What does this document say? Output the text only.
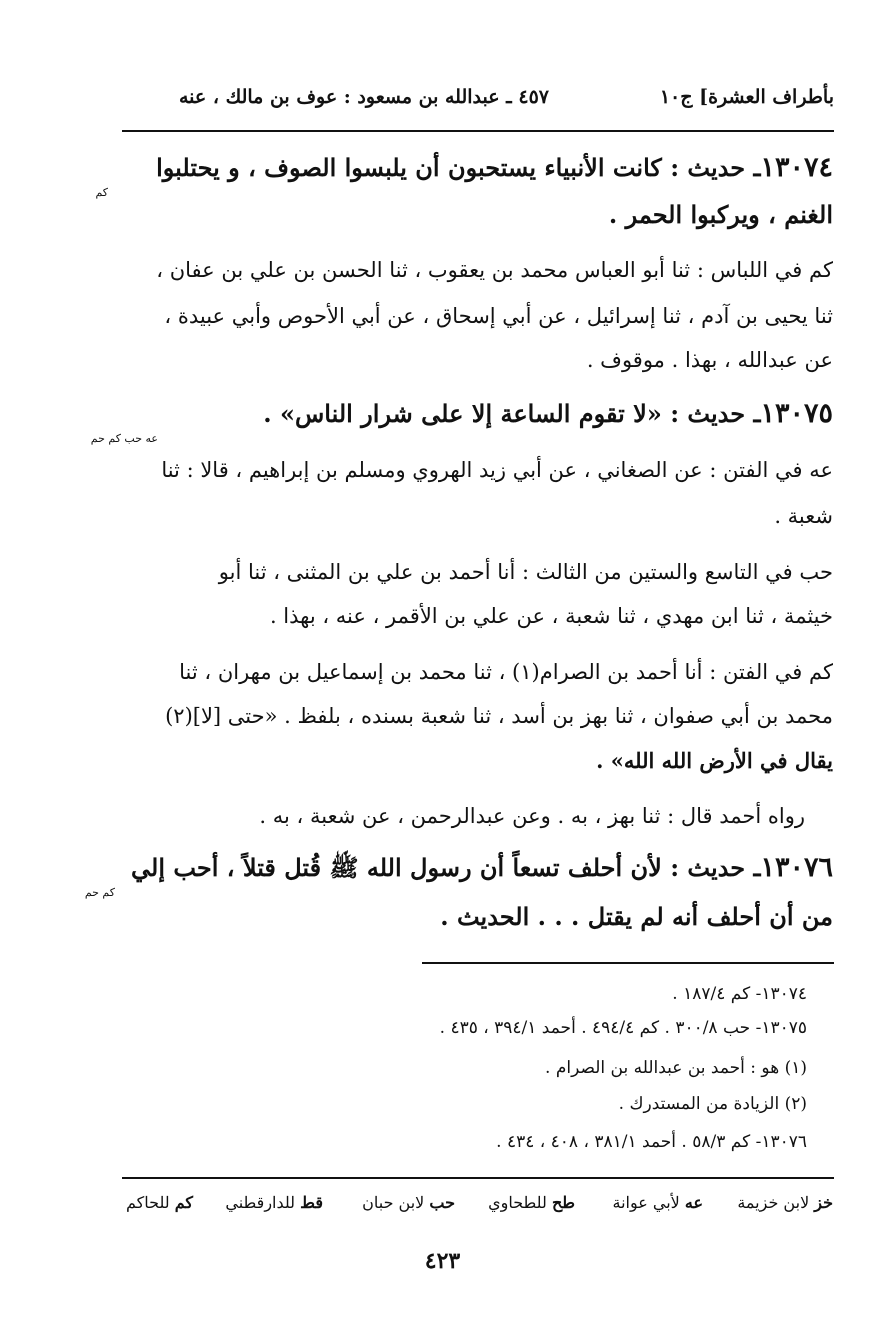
بأطراف العشرة] ج١٠
٤٥٧ ـ عبدالله بن مسعود : عوف بن مالك ، عنه
١٣٠٧٤ـ حديث : كانت الأنبياء يستحبون أن يلبسوا الصوف ، و يحتلبوا
كم
الغنم ، ويركبوا الحمر .
كم في اللباس : ثنا أبو العباس محمد بن يعقوب ، ثنا الحسن بن علي بن عفان ،
ثنا يحيى بن آدم ، ثنا إسرائيل ، عن أبي إسحاق ، عن أبي الأحوص وأبي عبيدة ،
عن عبدالله ، بهذا . موقوف .
١٣٠٧٥ـ حديث : «لا تقوم الساعة إلا على شرار الناس» .
عه حب كم حم
عه في الفتن : عن الصغاني ، عن أبي زيد الهروي ومسلم بن إبراهيم ، قالا : ثنا
شعبة .
حب في التاسع والستين من الثالث : أنا أحمد بن علي بن المثنى ، ثنا أبو
خيثمة ، ثنا ابن مهدي ، ثنا شعبة ، عن علي بن الأقمر ، عنه ، بهذا .
كم في الفتن : أنا أحمد بن الصرام(١) ، ثنا محمد بن إسماعيل بن مهران ، ثنا
محمد بن أبي صفوان ، ثنا بهز بن أسد ، ثنا شعبة بسنده ، بلفظ . «حتى [لا](٢)
يقال في الأرض الله الله» .
رواه أحمد قال : ثنا بهز ، به . وعن عبدالرحمن ، عن شعبة ، به .
١٣٠٧٦ـ حديث : لأن أحلف تسعاً أن رسول الله ﷺ قُتل قتلاً ، أحب إلي
كم حم
من أن أحلف أنه لم يقتل . . . الحديث .
١٣٠٧٤- كم ١٨٧/٤ .
١٣٠٧٥- حب ٣٠٠/٨ . كم ٤٩٤/٤ . أحمد ٣٩٤/١ ، ٤٣٥ .
(١) هو : أحمد بن عبدالله بن الصرام .
(٢) الزيادة من المستدرك .
١٣٠٧٦- كم ٥٨/٣ . أحمد ٣٨١/١ ، ٤٠٨ ، ٤٣٤ .
خز لابن خزيمة
عه لأبي عوانة
طح للطحاوي
حب لابن حبان
قط للدارقطني
كم للحاكم
٤٢٣
